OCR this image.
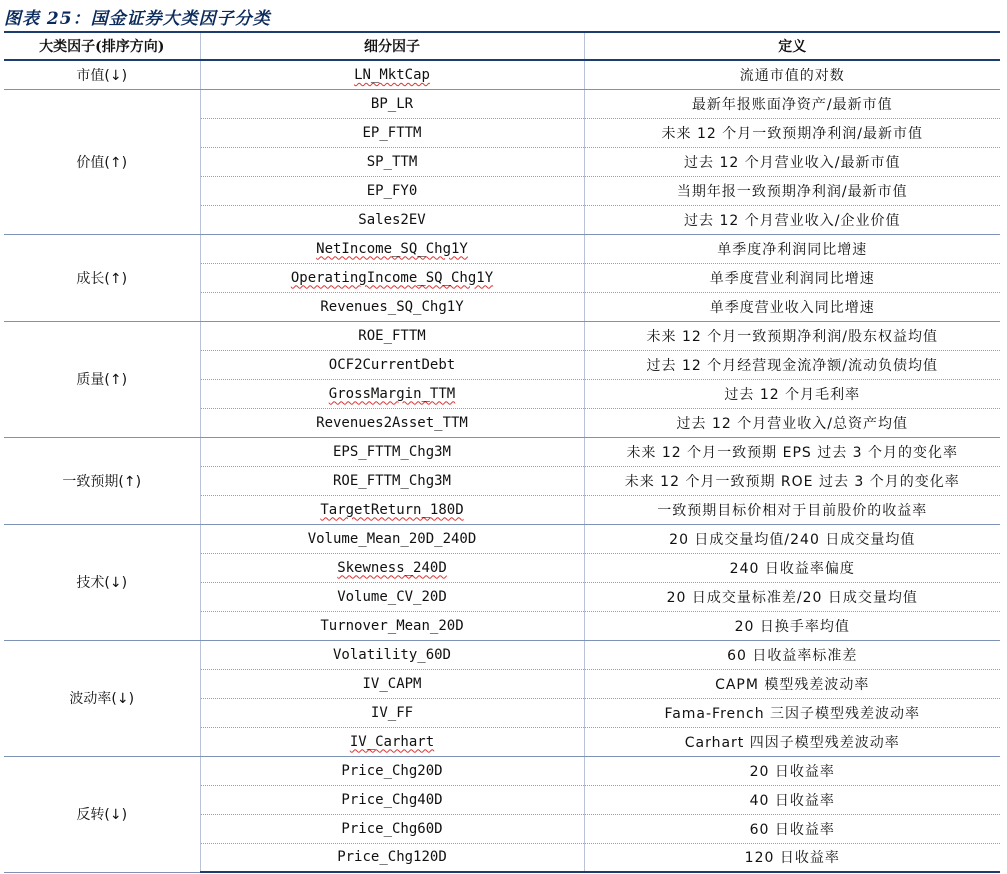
图表 25：国金证券大类因子分类
大类因子(排序方向)	细分因子	定义
市值(↓)	LN_MktCap	流通市值的对数
价值(↑)	BP_LR	最新年报账面净资产/最新市值
	EP_FTTM	未来 12 个月一致预期净利润/最新市值
	SP_TTM	过去 12 个月营业收入/最新市值
	EP_FY0	当期年报一致预期净利润/最新市值
	Sales2EV	过去 12 个月营业收入/企业价值
成长(↑)	NetIncome_SQ_Chg1Y	单季度净利润同比增速
	OperatingIncome_SQ_Chg1Y	单季度营业利润同比增速
	Revenues_SQ_Chg1Y	单季度营业收入同比增速
质量(↑)	ROE_FTTM	未来 12 个月一致预期净利润/股东权益均值
	OCF2CurrentDebt	过去 12 个月经营现金流净额/流动负债均值
	GrossMargin_TTM	过去 12 个月毛利率
	Revenues2Asset_TTM	过去 12 个月营业收入/总资产均值
一致预期(↑)	EPS_FTTM_Chg3M	未来 12 个月一致预期 EPS 过去 3 个月的变化率
	ROE_FTTM_Chg3M	未来 12 个月一致预期 ROE 过去 3 个月的变化率
	TargetReturn_180D	一致预期目标价相对于目前股价的收益率
技术(↓)	Volume_Mean_20D_240D	20 日成交量均值/240 日成交量均值
	Skewness_240D	240 日收益率偏度
	Volume_CV_20D	20 日成交量标准差/20 日成交量均值
	Turnover_Mean_20D	20 日换手率均值
波动率(↓)	Volatility_60D	60 日收益率标准差
	IV_CAPM	CAPM 模型残差波动率
	IV_FF	Fama-French 三因子模型残差波动率
	IV_Carhart	Carhart 四因子模型残差波动率
反转(↓)	Price_Chg20D	20 日收益率
	Price_Chg40D	40 日收益率
	Price_Chg60D	60 日收益率
	Price_Chg120D	120 日收益率
